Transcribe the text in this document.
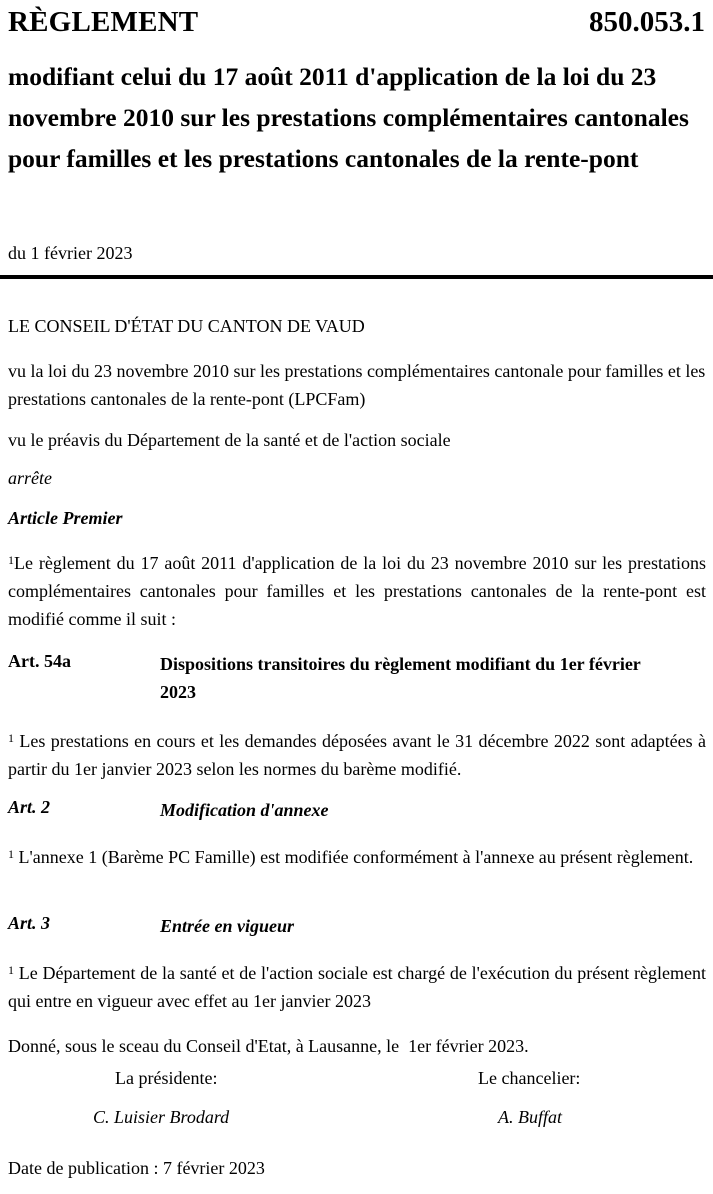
RÈGLEMENT	850.053.1
modifiant celui du 17 août 2011 d'application de la loi du 23 novembre 2010 sur les prestations complémentaires cantonales pour familles et les prestations cantonales de la rente-pont
du 1 février 2023
LE CONSEIL D'ÉTAT DU CANTON DE VAUD
vu la loi du 23 novembre 2010 sur les prestations complémentaires cantonale pour familles et les prestations cantonales de la rente-pont (LPCFam)
vu le préavis du Département de la santé et de l'action sociale
arrête
Article Premier
$^1$Le règlement du 17 août 2011 d'application de la loi du 23 novembre 2010 sur les prestations complémentaires cantonales pour familles et les prestations cantonales de la rente-pont est modifié comme il suit :
Art. 54a	Dispositions transitoires du règlement modifiant du 1er février 2023
$^1$ Les prestations en cours et les demandes déposées avant le 31 décembre 2022 sont adaptées à partir du 1er janvier 2023 selon les normes du barème modifié.
Art. 2	Modification d'annexe
$^1$ L'annexe 1 (Barème PC Famille) est modifiée conformément à l'annexe au présent règlement.
Art. 3	Entrée en vigueur
$^1$ Le Département de la santé et de l'action sociale est chargé de l'exécution du présent règlement qui entre en vigueur avec effet au 1er janvier 2023
Donné, sous le sceau du Conseil d'Etat, à Lausanne, le  1er février 2023.
La présidente:	Le chancelier:
C. Luisier Brodard	A. Buffat
Date de publication : 7 février 2023
